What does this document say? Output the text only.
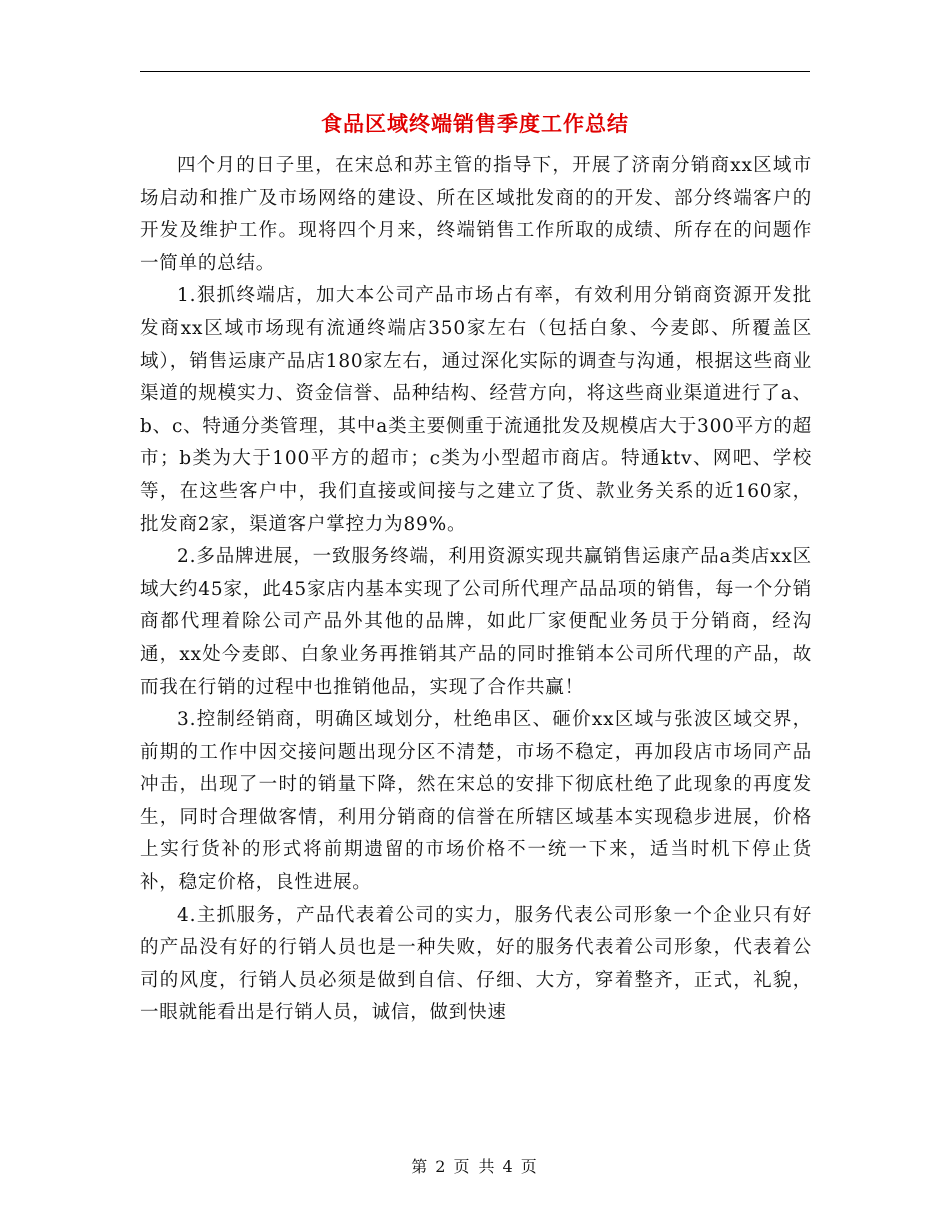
食品区域终端销售季度工作总结

四个月的日子里，在宋总和苏主管的指导下，开展了济南分销商xx区域市场启动和推广及市场网络的建设、所在区域批发商的的开发、部分终端客户的开发及维护工作。现将四个月来，终端销售工作所取的成绩、所存在的问题作一简单的总结。

1.狠抓终端店，加大本公司产品市场占有率，有效利用分销商资源开发批发商xx区域市场现有流通终端店350家左右（包括白象、今麦郎、所覆盖区域），销售运康产品店180家左右，通过深化实际的调查与沟通，根据这些商业渠道的规模实力、资金信誉、品种结构、经营方向，将这些商业渠道进行了a、b、c、特通分类管理，其中a类主要侧重于流通批发及规模店大于300平方的超市；b类为大于100平方的超市；c类为小型超市商店。特通ktv、网吧、学校等，在这些客户中，我们直接或间接与之建立了货、款业务关系的近160家，批发商2家，渠道客户掌控力为89%。

2.多品牌进展，一致服务终端，利用资源实现共赢销售运康产品a类店xx区域大约45家，此45家店内基本实现了公司所代理产品品项的销售，每一个分销商都代理着除公司产品外其他的品牌，如此厂家便配业务员于分销商，经沟通，xx处今麦郎、白象业务再推销其产品的同时推销本公司所代理的产品，故而我在行销的过程中也推销他品，实现了合作共赢！

3.控制经销商，明确区域划分，杜绝串区、砸价xx区域与张波区域交界，前期的工作中因交接问题出现分区不清楚，市场不稳定，再加段店市场同产品冲击，出现了一时的销量下降，然在宋总的安排下彻底杜绝了此现象的再度发生，同时合理做客情，利用分销商的信誉在所辖区域基本实现稳步进展，价格上实行货补的形式将前期遗留的市场价格不一统一下来，适当时机下停止货补，稳定价格，良性进展。

4.主抓服务，产品代表着公司的实力，服务代表公司形象一个企业只有好的产品没有好的行销人员也是一种失败，好的服务代表着公司形象，代表着公司的风度，行销人员必须是做到自信、仔细、大方，穿着整齐，正式，礼貌，一眼就能看出是行销人员，诚信，做到快速

第 2 页 共 4 页
